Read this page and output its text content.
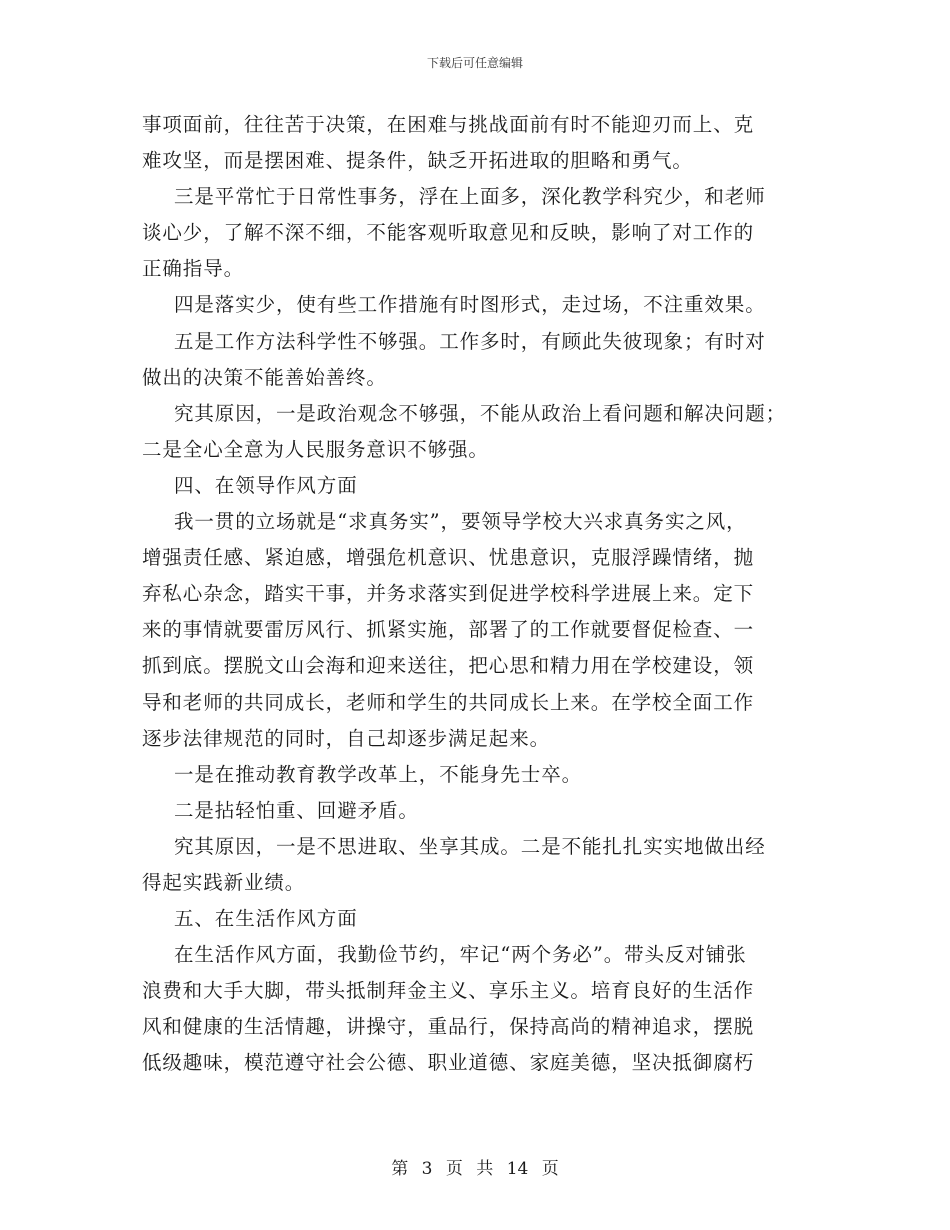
下载后可任意编辑
事项面前，往往苦于决策，在困难与挑战面前有时不能迎刃而上、克
难攻坚，而是摆困难、提条件，缺乏开拓进取的胆略和勇气。
三是平常忙于日常性事务，浮在上面多，深化教学科究少，和老师
谈心少，了解不深不细，不能客观听取意见和反映，影响了对工作的
正确指导。
四是落实少，使有些工作措施有时图形式，走过场，不注重效果。
五是工作方法科学性不够强。工作多时，有顾此失彼现象；有时对
做出的决策不能善始善终。
究其原因，一是政治观念不够强，不能从政治上看问题和解决问题；
二是全心全意为人民服务意识不够强。
四、在领导作风方面
我一贯的立场就是“求真务实”，要领导学校大兴求真务实之风，
增强责任感、紧迫感，增强危机意识、忧患意识，克服浮躁情绪，抛
弃私心杂念，踏实干事，并务求落实到促进学校科学进展上来。定下
来的事情就要雷厉风行、抓紧实施，部署了的工作就要督促检查、一
抓到底。摆脱文山会海和迎来送往，把心思和精力用在学校建设，领
导和老师的共同成长，老师和学生的共同成长上来。在学校全面工作
逐步法律规范的同时，自己却逐步满足起来。
一是在推动教育教学改革上，不能身先士卒。
二是拈轻怕重、回避矛盾。
究其原因，一是不思进取、坐享其成。二是不能扎扎实实地做出经
得起实践新业绩。
五、在生活作风方面
在生活作风方面，我勤俭节约，牢记“两个务必”。带头反对铺张
浪费和大手大脚，带头抵制拜金主义、享乐主义。培育良好的生活作
风和健康的生活情趣，讲操守，重品行，保持高尚的精神追求，摆脱
低级趣味，模范遵守社会公德、职业道德、家庭美德，坚决抵御腐朽
第 3 页 共 14 页
